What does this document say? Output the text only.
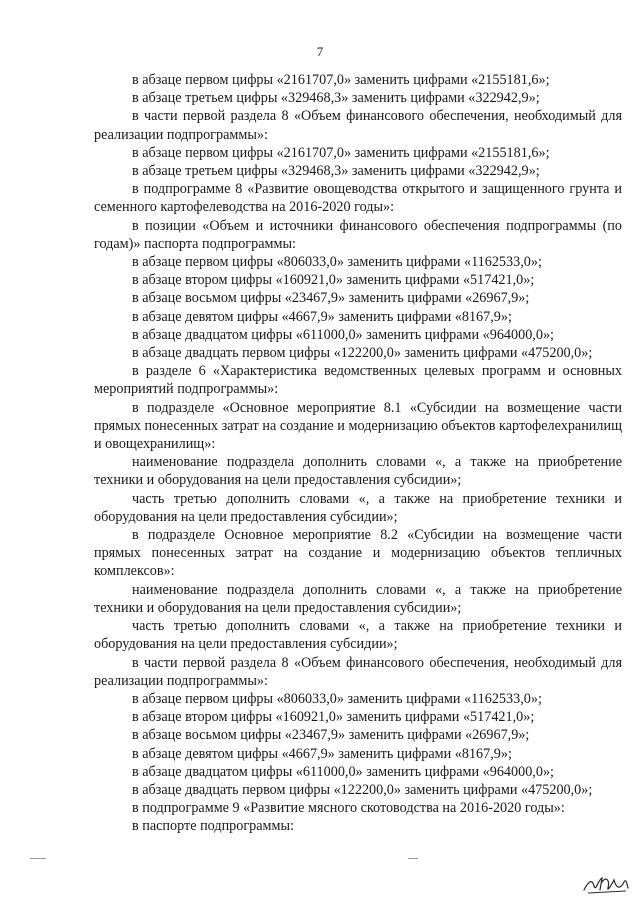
7

в абзаце первом цифры «2161707,0» заменить цифрами «2155181,6»;

в абзаце третьем цифры «329468,3» заменить цифрами «322942,9»;

в части первой раздела 8 «Объем финансового обеспечения, необходимый для реализации подпрограммы»:

в абзаце первом цифры «2161707,0» заменить цифрами «2155181,6»;

в абзаце третьем цифры «329468,3» заменить цифрами «322942,9»;

в подпрограмме 8 «Развитие овощеводства открытого и защищенного грунта и семенного картофелеводства на 2016-2020 годы»:

в позиции «Объем и источники финансового обеспечения подпрограммы (по годам)» паспорта подпрограммы:

в абзаце первом цифры «806033,0» заменить цифрами «1162533,0»;

в абзаце втором цифры «160921,0» заменить цифрами «517421,0»;

в абзаце восьмом цифры «23467,9» заменить цифрами «26967,9»;

в абзаце девятом цифры «4667,9» заменить цифрами «8167,9»;

в абзаце двадцатом цифры «611000,0» заменить цифрами «964000,0»;

в абзаце двадцать первом цифры «122200,0» заменить цифрами «475200,0»;

в разделе 6 «Характеристика ведомственных целевых программ и основных мероприятий подпрограммы»:

в подразделе «Основное мероприятие 8.1 «Субсидии на возмещение части прямых понесенных затрат на создание и модернизацию объектов картофелехранилищ и овощехранилищ»:

наименование подраздела дополнить словами «, а также на приобретение техники и оборудования на цели предоставления субсидии»;

часть третью дополнить словами «, а также на приобретение техники и оборудования на цели предоставления субсидии»;

в подразделе Основное мероприятие 8.2 «Субсидии на возмещение части прямых понесенных затрат на создание и модернизацию объектов тепличных комплексов»:

наименование подраздела дополнить словами «, а также на приобретение техники и оборудования на цели предоставления субсидии»;

часть третью дополнить словами «, а также на приобретение техники и оборудования на цели предоставления субсидии»;

в части первой раздела 8 «Объем финансового обеспечения, необходимый для реализации подпрограммы»:

в абзаце первом цифры «806033,0» заменить цифрами «1162533,0»;

в абзаце втором цифры «160921,0» заменить цифрами «517421,0»;

в абзаце восьмом цифры «23467,9» заменить цифрами «26967,9»;

в абзаце девятом цифры «4667,9» заменить цифрами «8167,9»;

в абзаце двадцатом цифры «611000,0» заменить цифрами «964000,0»;

в абзаце двадцать первом цифры «122200,0» заменить цифрами «475200,0»;

в подпрограмме 9 «Развитие мясного скотоводства на 2016-2020 годы»:

в паспорте подпрограммы:
